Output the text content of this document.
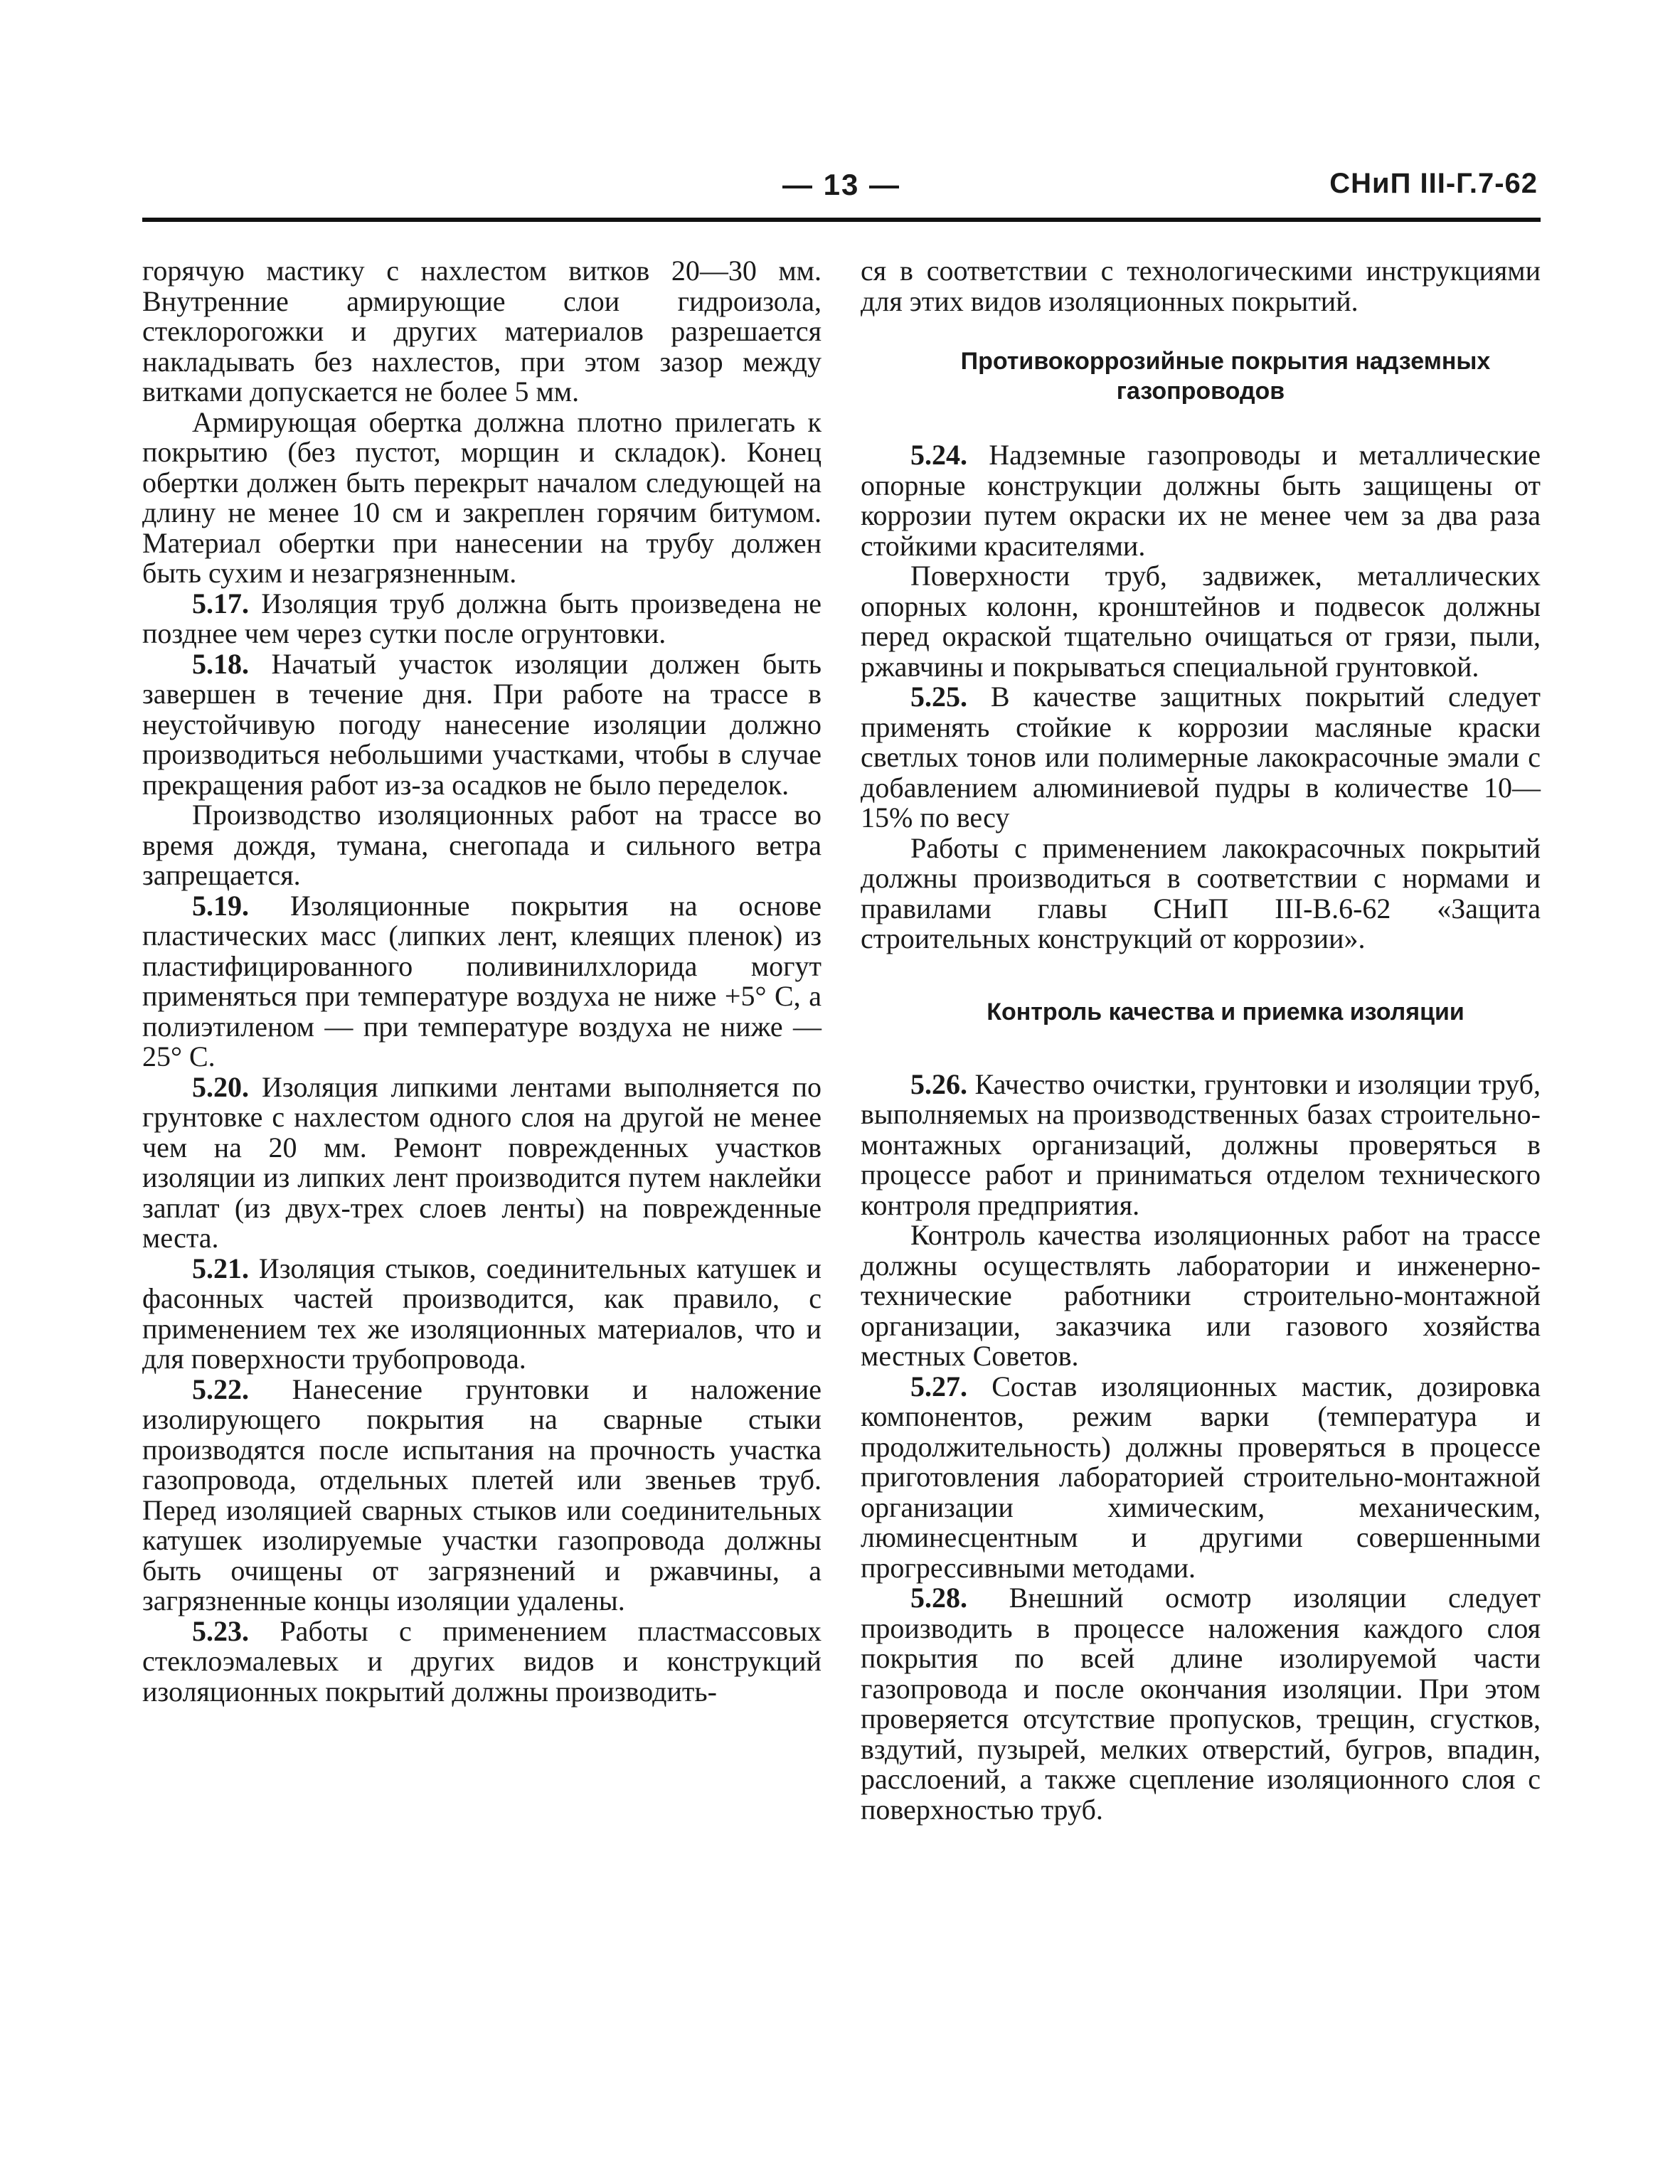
— 13 —	СНиП III-Г.7-62

горячую мастику с нахлестом витков 20—30 мм. Внутренние армирующие слои гидроизола, стеклорогожки и других материалов разрешается накладывать без нахлестов, при этом зазор между витками допускается не более 5 мм.

Армирующая обертка должна плотно прилегать к покрытию (без пустот, морщин и складок). Конец обертки должен быть перекрыт началом следующей на длину не менее 10 см и закреплен горячим битумом. Материал обертки при нанесении на трубу должен быть сухим и незагрязненным.

5.17. Изоляция труб должна быть произведена не позднее чем через сутки после огрунтовки.

5.18. Начатый участок изоляции должен быть завершен в течение дня. При работе на трассе в неустойчивую погоду нанесение изоляции должно производиться небольшими участками, чтобы в случае прекращения работ из-за осадков не было переделок.

Производство изоляционных работ на трассе во время дождя, тумана, снегопада и сильного ветра запрещается.

5.19. Изоляционные покрытия на основе пластических масс (липких лент, клеящих пленок) из пластифицированного поливинилхлорида могут применяться при температуре воздуха не ниже +5° С, а полиэтиленом — при температуре воздуха не ниже —25° С.

5.20. Изоляция липкими лентами выполняется по грунтовке с нахлестом одного слоя на другой не менее чем на 20 мм. Ремонт поврежденных участков изоляции из липких лент производится путем наклейки заплат (из двух-трех слоев ленты) на поврежденные места.

5.21. Изоляция стыков, соединительных катушек и фасонных частей производится, как правило, с применением тех же изоляционных материалов, что и для поверхности трубопровода.

5.22. Нанесение грунтовки и наложение изолирующего покрытия на сварные стыки производятся после испытания на прочность участка газопровода, отдельных плетей или звеньев труб. Перед изоляцией сварных стыков или соединительных катушек изолируемые участки газопровода должны быть очищены от загрязнений и ржавчины, а загрязненные концы изоляции удалены.

5.23. Работы с применением пластмассовых стеклоэмалевых и других видов и конструкций изоляционных покрытий должны производить-

ся в соответствии с технологическими инструкциями для этих видов изоляционных покрытий.

Противокоррозийные покрытия надземных газопроводов

5.24. Надземные газопроводы и металлические опорные конструкции должны быть защищены от коррозии путем окраски их не менее чем за два раза стойкими красителями.

Поверхности труб, задвижек, металлических опорных колонн, кронштейнов и подвесок должны перед окраской тщательно очищаться от грязи, пыли, ржавчины и покрываться специальной грунтовкой.

5.25. В качестве защитных покрытий следует применять стойкие к коррозии масляные краски светлых тонов или полимерные лакокрасочные эмали с добавлением алюминиевой пудры в количестве 10—15% по весу

Работы с применением лакокрасочных покрытий должны производиться в соответствии с нормами и правилами главы СНиП III-В.6-62 «Защита строительных конструкций от коррозии».

Контроль качества и приемка изоляции

5.26. Качество очистки, грунтовки и изоляции труб, выполняемых на производственных базах строительно-монтажных организаций, должны проверяться в процессе работ и приниматься отделом технического контроля предприятия.

Контроль качества изоляционных работ на трассе должны осуществлять лаборатории и инженерно-технические работники строительно-монтажной организации, заказчика или газового хозяйства местных Советов.

5.27. Состав изоляционных мастик, дозировка компонентов, режим варки (температура и продолжительность) должны проверяться в процессе приготовления лабораторией строительно-монтажной организации химическим, механическим, люминесцентным и другими совершенными прогрессивными методами.

5.28. Внешний осмотр изоляции следует производить в процессе наложения каждого слоя покрытия по всей длине изолируемой части газопровода и после окончания изоляции. При этом проверяется отсутствие пропусков, трещин, сгустков, вздутий, пузырей, мелких отверстий, бугров, впадин, расслоений, а также сцепление изоляционного слоя с поверхностью труб.
